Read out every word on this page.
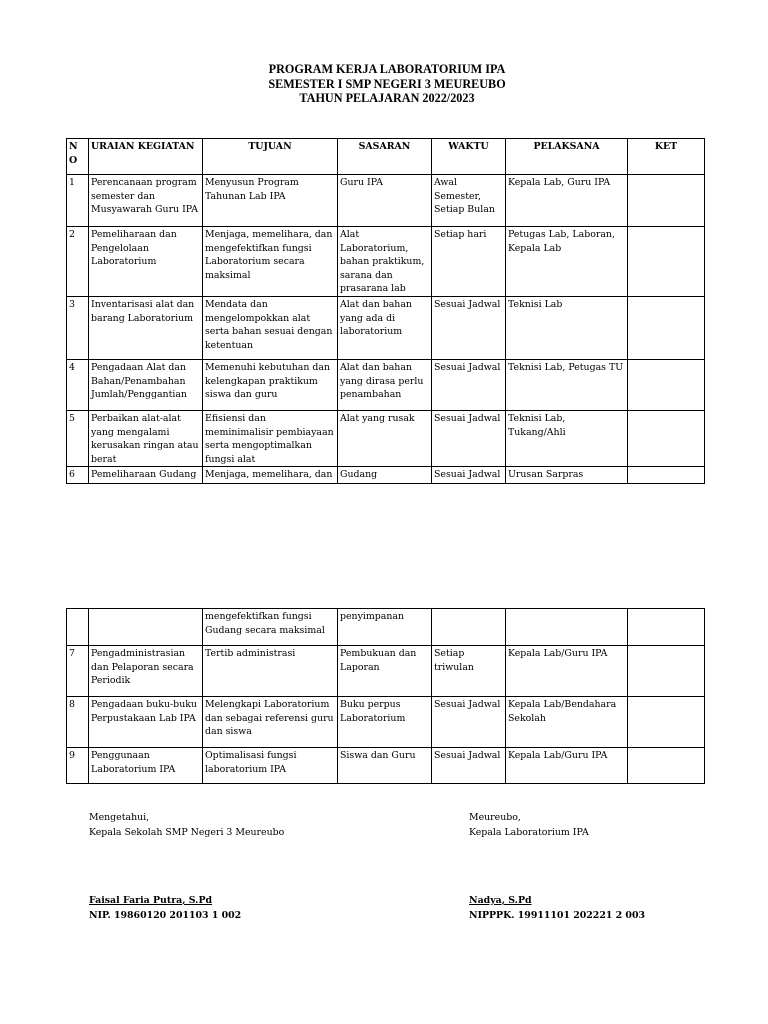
PROGRAM KERJA LABORATORIUM IPA
SEMESTER I SMP NEGERI 3 MEUREUBO
TAHUN PELAJARAN 2022/2023
N O	URAIAN KEGIATAN	TUJUAN	SASARAN	WAKTU	PELAKSANA	KET
1	Perencanaan program semester dan Musyawarah Guru IPA	Menyusun Program Tahunan Lab IPA	Guru IPA	Awal Semester, Setiap Bulan	Kepala Lab, Guru IPA	
2	Pemeliharaan dan Pengelolaan Laboratorium	Menjaga, memelihara, dan mengefektifkan fungsi Laboratorium secara maksimal	Alat Laboratorium, bahan praktikum, sarana dan prasarana lab	Setiap hari	Petugas Lab, Laboran, Kepala Lab	
3	Inventarisasi alat dan barang Laboratorium	Mendata dan mengelompokkan alat serta bahan sesuai dengan ketentuan	Alat dan bahan yang ada di laboratorium	Sesuai Jadwal	Teknisi Lab	
4	Pengadaan Alat dan Bahan/Penambahan Jumlah/Penggantian	Memenuhi kebutuhan dan kelengkapan praktikum siswa dan guru	Alat dan bahan yang dirasa perlu penambahan	Sesuai Jadwal	Teknisi Lab, Petugas TU	
5	Perbaikan alat-alat yang mengalami kerusakan ringan atau berat	Efisiensi dan meminimalisir pembiayaan serta mengoptimalkan fungsi alat	Alat yang rusak	Sesuai Jadwal	Teknisi Lab, Tukang/Ahli	
6	Pemeliharaan Gudang	Menjaga, memelihara, dan	Gudang	Sesuai Jadwal	Urusan Sarpras	
		mengefektifkan fungsi Gudang secara maksimal	penyimpanan			
7	Pengadministrasian dan Pelaporan secara Periodik	Tertib administrasi	Pembukuan dan Laporan	Setiap triwulan	Kepala Lab/Guru IPA	
8	Pengadaan buku-buku Perpustakaan Lab IPA	Melengkapi Laboratorium dan sebagai referensi guru dan siswa	Buku perpus Laboratorium	Sesuai Jadwal	Kepala Lab/Bendahara Sekolah	
9	Penggunaan Laboratorium IPA	Optimalisasi fungsi laboratorium IPA	Siswa dan Guru	Sesuai Jadwal	Kepala Lab/Guru IPA	
Mengetahui,
Kepala Sekolah SMP Negeri 3 Meureubo
Faisal Faria Putra, S.Pd
NIP. 19860120 201103 1 002
Meureubo,
Kepala Laboratorium IPA
Nadya, S.Pd
NIPPPK. 19911101 202221 2 003
